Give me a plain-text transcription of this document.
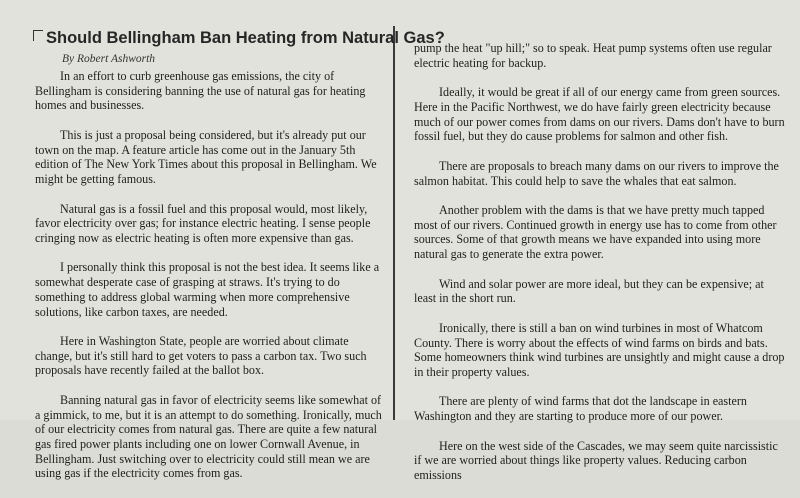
Should Bellingham Ban Heating from Natural Gas?
By Robert Ashworth

In an effort to curb greenhouse gas emissions, the city of Bellingham is considering banning the use of natural gas for heating homes and businesses.

This is just a proposal being considered, but it's already put our town on the map. A feature article has come out in the January 5th edition of The New York Times about this proposal in Bellingham. We might be getting famous.

Natural gas is a fossil fuel and this proposal would, most likely, favor electricity over gas; for instance electric heating. I sense people cringing now as electric heating is often more expensive than gas.

I personally think this proposal is not the best idea. It seems like a somewhat desperate case of grasping at straws. It's trying to do something to address global warming when more comprehensive solutions, like carbon taxes, are needed.

Here in Washington State, people are worried about climate change, but it's still hard to get voters to pass a carbon tax. Two such proposals have recently failed at the ballot box.

Banning natural gas in favor of electricity seems like somewhat of a gimmick, to me, but it is an attempt to do something. Ironically, much of our electricity comes from natural gas. There are quite a few natural gas fired power plants including one on lower Cornwall Avenue, in Bellingham. Just switching over to electricity could still mean we are using gas if the electricity comes from gas.

pump the heat "up hill;" so to speak. Heat pump systems often use regular electric heating for backup.

Ideally, it would be great if all of our energy came from green sources. Here in the Pacific Northwest, we do have fairly green electricity because much of our power comes from dams on our rivers. Dams don't have to burn fossil fuel, but they do cause problems for salmon and other fish.

There are proposals to breach many dams on our rivers to improve the salmon habitat. This could help to save the whales that eat salmon.

Another problem with the dams is that we have pretty much tapped most of our rivers. Continued growth in energy use has to come from other sources. Some of that growth means we have expanded into using more natural gas to generate the extra power.

Wind and solar power are more ideal, but they can be expensive; at least in the short run.

Ironically, there is still a ban on wind turbines in most of Whatcom County. There is worry about the effects of wind farms on birds and bats. Some homeowners think wind turbines are unsightly and might cause a drop in their property values.

There are plenty of wind farms that dot the landscape in eastern Washington and they are starting to produce more of our power.

Here on the west side of the Cascades, we may seem quite narcissistic if we are worried about things like property values. Reducing carbon emissions
